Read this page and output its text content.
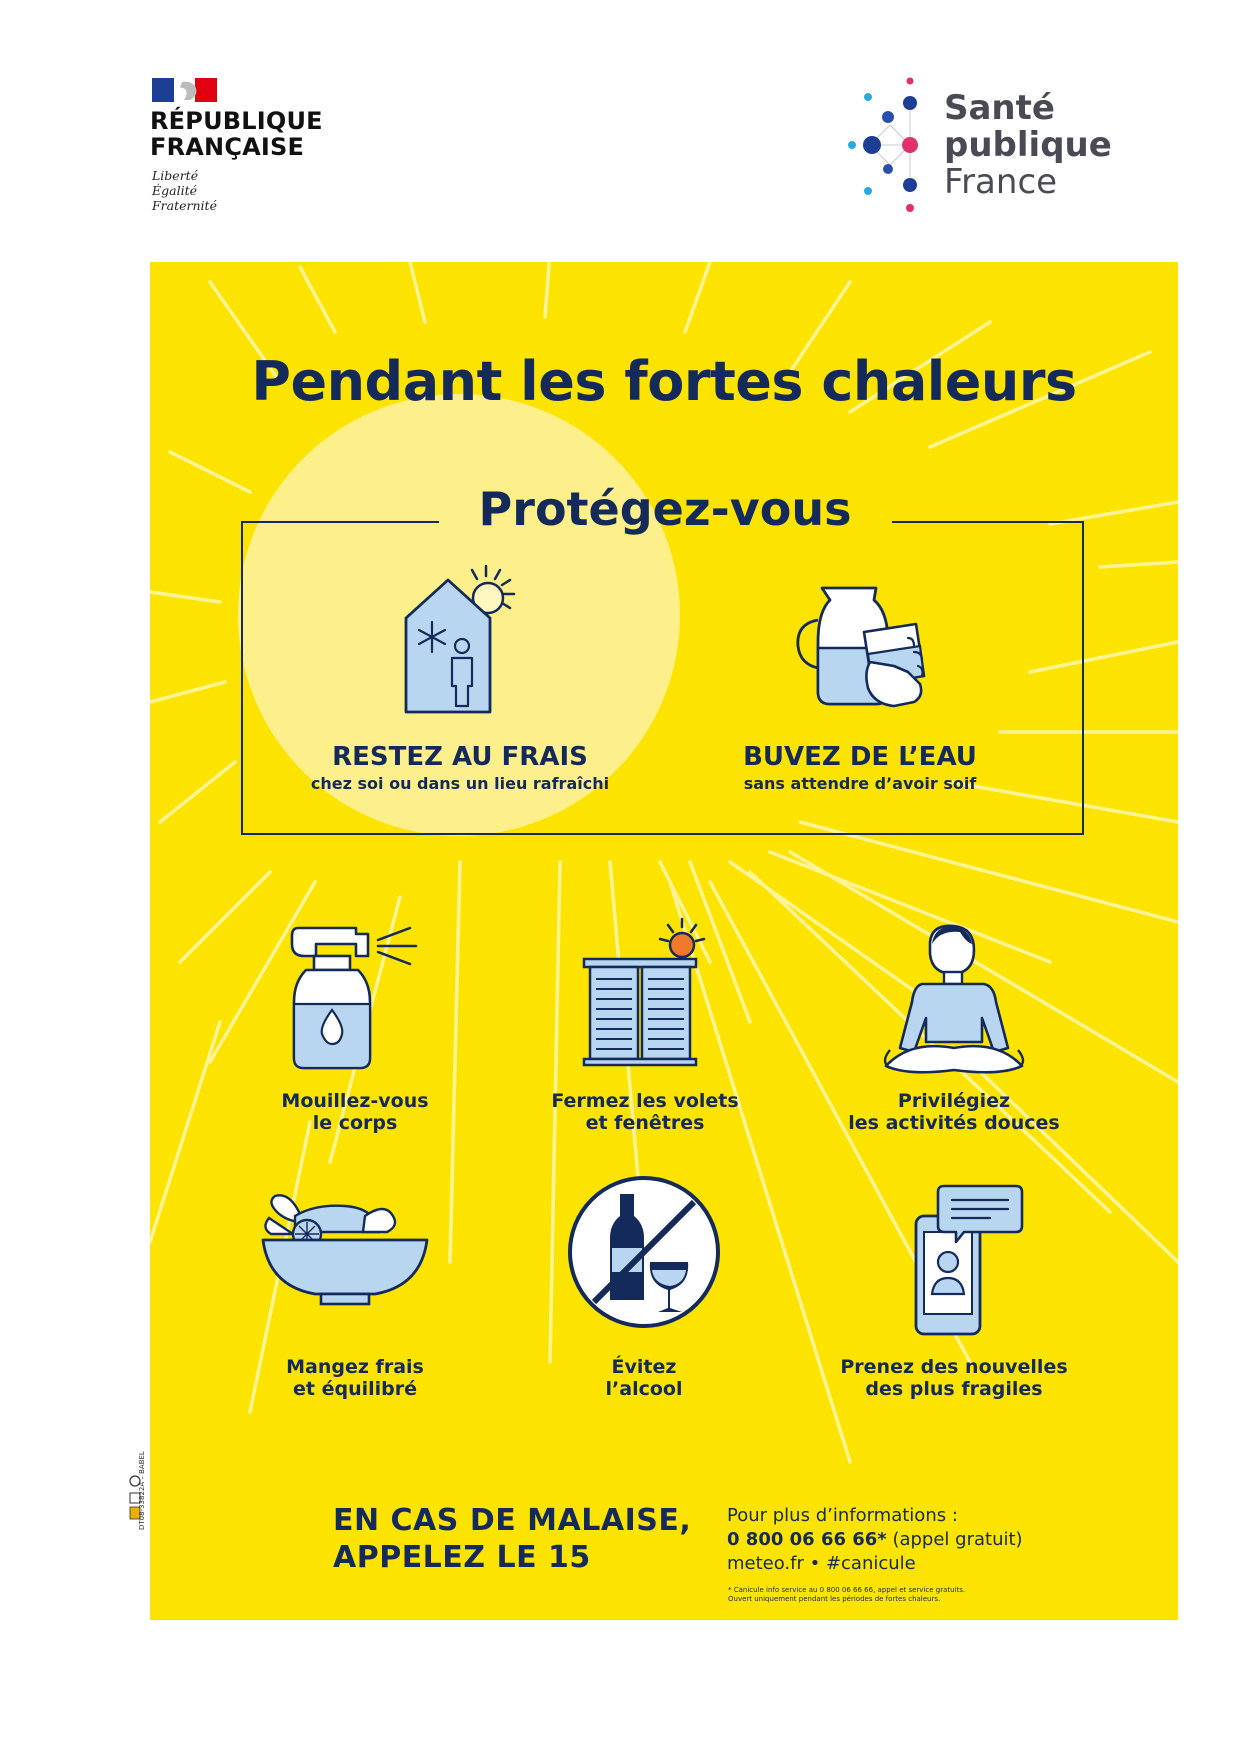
RÉPUBLIQUE
FRANÇAISE
Liberté
Égalité
Fraternité
Santé
publique
France
DT08-33822A – BABEL
Pendant les fortes chaleurs
Protégez-vous
RESTEZ AU FRAIS
chez soi ou dans un lieu rafraîchi
BUVEZ DE L’EAU
sans attendre d’avoir soif
Mouillez-vous
le corps
Fermez les volets
et fenêtres
Privilégiez
les activités douces
Mangez frais
et équilibré
Évitez
l’alcool
Prenez des nouvelles
des plus fragiles
EN CAS DE MALAISE,
APPELEZ LE 15
Pour plus d’informations :
0 800 06 66 66* (appel gratuit)
meteo.fr • #canicule
* Canicule info service au 0 800 06 66 66, appel et service gratuits.
Ouvert uniquement pendant les périodes de fortes chaleurs.
